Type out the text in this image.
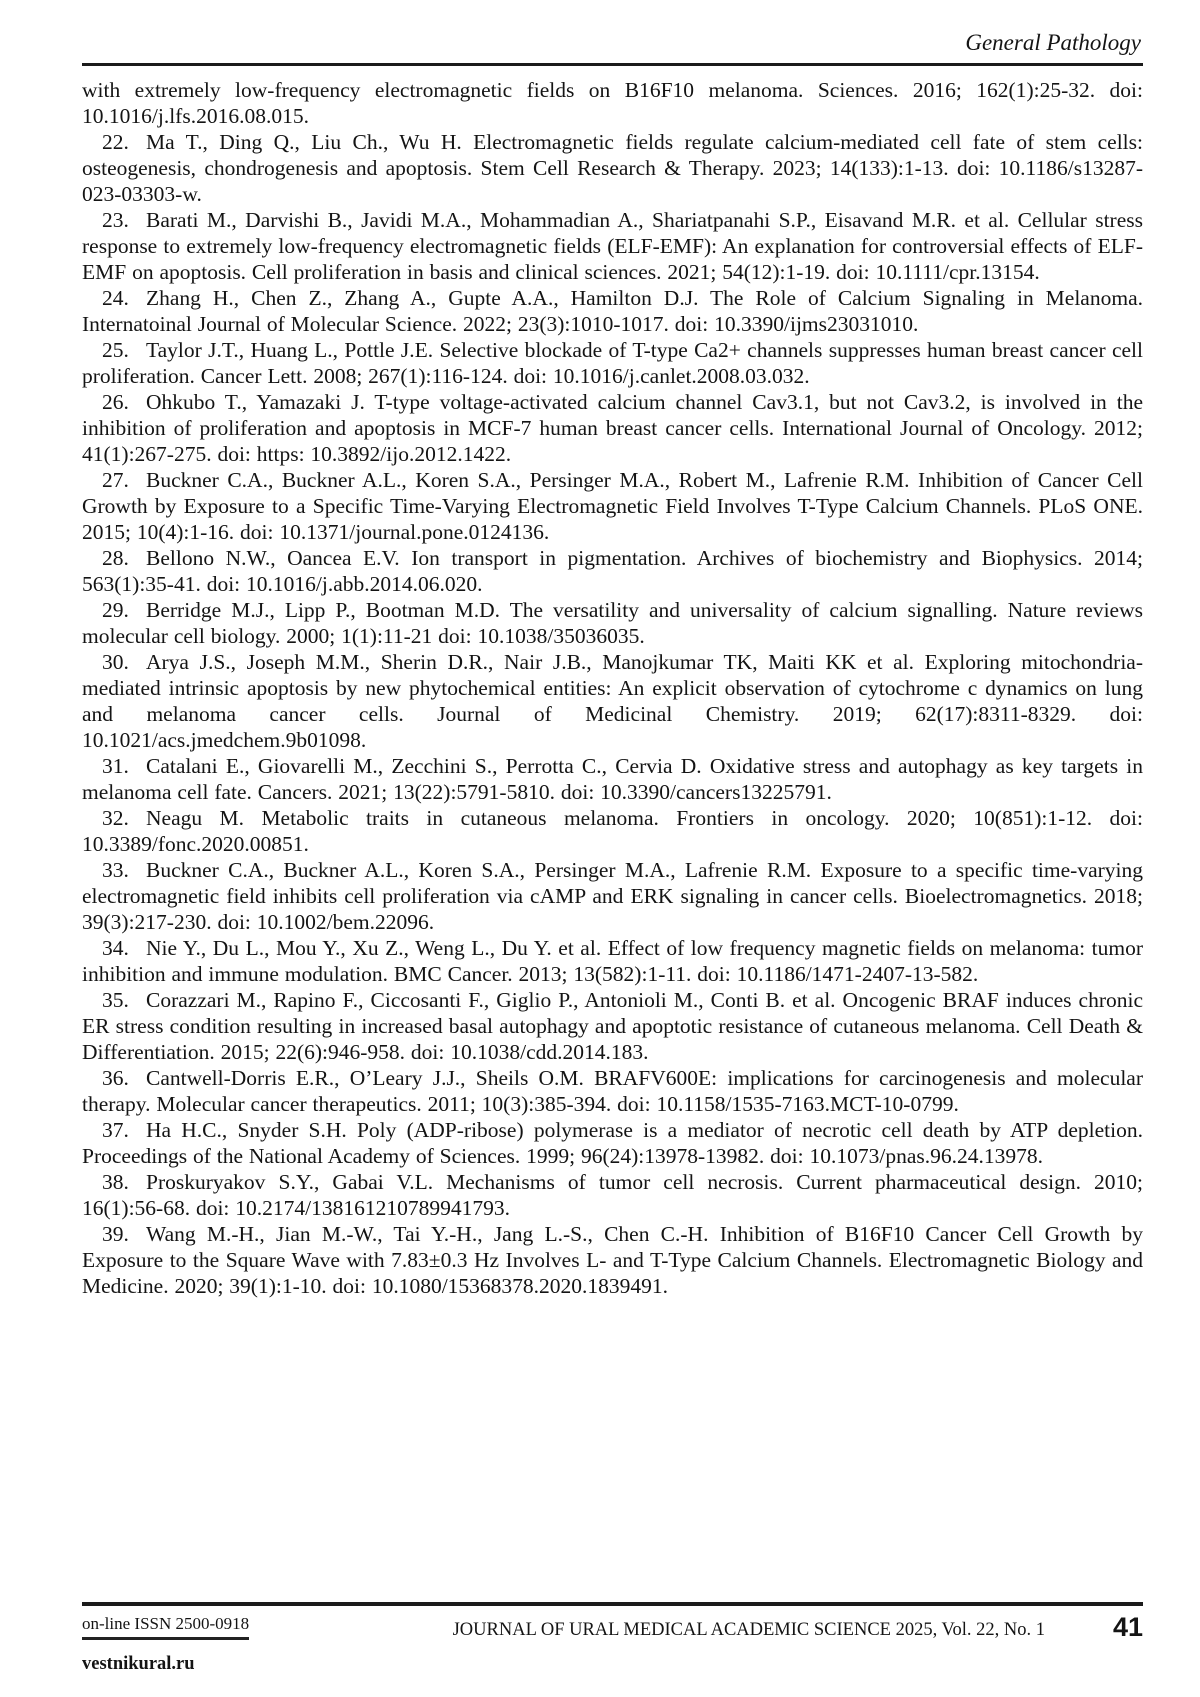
General Pathology

with extremely low-frequency electromagnetic fields on B16F10 melanoma. Sciences. 2016; 162(1):25-32. doi: 10.1016/j.lfs.2016.08.015.

22. Ma T., Ding Q., Liu Ch., Wu H. Electromagnetic fields regulate calcium-mediated cell fate of stem cells: osteogenesis, chondrogenesis and apoptosis. Stem Cell Research & Therapy. 2023; 14(133):1-13. doi: 10.1186/s13287-023-03303-w.

23. Barati M., Darvishi B., Javidi M.A., Mohammadian A., Shariatpanahi S.P., Eisavand M.R. et al. Cellular stress response to extremely low-frequency electromagnetic fields (ELF-EMF): An explanation for controversial effects of ELF-EMF on apoptosis. Cell proliferation in basis and clinical sciences. 2021; 54(12):1-19. doi: 10.1111/cpr.13154.

24. Zhang H., Chen Z., Zhang A., Gupte A.A., Hamilton D.J. The Role of Calcium Signaling in Melanoma. Internatoinal Journal of Molecular Science. 2022; 23(3):1010-1017. doi: 10.3390/ijms23031010.

25. Taylor J.T., Huang L., Pottle J.E. Selective blockade of T-type Ca2+ channels suppresses human breast cancer cell proliferation. Cancer Lett. 2008; 267(1):116-124. doi: 10.1016/j.canlet.2008.03.032.

26. Ohkubo T., Yamazaki J. T-type voltage-activated calcium channel Cav3.1, but not Cav3.2, is involved in the inhibition of proliferation and apoptosis in MCF-7 human breast cancer cells. International Journal of Oncology. 2012; 41(1):267-275. doi: https: 10.3892/ijo.2012.1422.

27. Buckner C.A., Buckner A.L., Koren S.A., Persinger M.A., Robert M., Lafrenie R.M. Inhibition of Cancer Cell Growth by Exposure to a Specific Time-Varying Electromagnetic Field Involves T-Type Calcium Channels. PLoS ONE. 2015; 10(4):1-16. doi: 10.1371/journal.pone.0124136.

28. Bellono N.W., Oancea E.V. Ion transport in pigmentation. Archives of biochemistry and Biophysics. 2014; 563(1):35-41. doi: 10.1016/j.abb.2014.06.020.

29. Berridge M.J., Lipp P., Bootman M.D. The versatility and universality of calcium signalling. Nature reviews molecular cell biology. 2000; 1(1):11-21 doi: 10.1038/35036035.

30. Arya J.S., Joseph M.M., Sherin D.R., Nair J.B., Manojkumar TK, Maiti KK et al. Exploring mitochondria-mediated intrinsic apoptosis by new phytochemical entities: An explicit observation of cytochrome c dynamics on lung and melanoma cancer cells. Journal of Medicinal Chemistry. 2019; 62(17):8311-8329. doi: 10.1021/acs.jmedchem.9b01098.

31. Catalani E., Giovarelli M., Zecchini S., Perrotta C., Cervia D. Oxidative stress and autophagy as key targets in melanoma cell fate. Cancers. 2021; 13(22):5791-5810. doi: 10.3390/cancers13225791.

32. Neagu M. Metabolic traits in cutaneous melanoma. Frontiers in oncology. 2020; 10(851):1-12. doi: 10.3389/fonc.2020.00851.

33. Buckner C.A., Buckner A.L., Koren S.A., Persinger M.A., Lafrenie R.M. Exposure to a specific time-varying electromagnetic field inhibits cell proliferation via cAMP and ERK signaling in cancer cells. Bioelectromagnetics. 2018; 39(3):217-230. doi: 10.1002/bem.22096.

34. Nie Y., Du L., Mou Y., Xu Z., Weng L., Du Y. et al. Effect of low frequency magnetic fields on melanoma: tumor inhibition and immune modulation. BMC Cancer. 2013; 13(582):1-11. doi: 10.1186/1471-2407-13-582.

35. Corazzari M., Rapino F., Ciccosanti F., Giglio P., Antonioli M., Conti B. et al. Oncogenic BRAF induces chronic ER stress condition resulting in increased basal autophagy and apoptotic resistance of cutaneous melanoma. Cell Death & Differentiation. 2015; 22(6):946-958. doi: 10.1038/cdd.2014.183.

36. Cantwell-Dorris E.R., O’Leary J.J., Sheils O.M. BRAFV600E: implications for carcinogenesis and molecular therapy. Molecular cancer therapeutics. 2011; 10(3):385-394. doi: 10.1158/1535-7163.MCT-10-0799.

37. Ha H.C., Snyder S.H. Poly (ADP-ribose) polymerase is a mediator of necrotic cell death by ATP depletion. Proceedings of the National Academy of Sciences. 1999; 96(24):13978-13982. doi: 10.1073/pnas.96.24.13978.

38. Proskuryakov S.Y., Gabai V.L. Mechanisms of tumor cell necrosis. Current pharmaceutical design. 2010; 16(1):56-68. doi: 10.2174/138161210789941793.

39. Wang M.-H., Jian M.-W., Tai Y.-H., Jang L.-S., Chen C.-H. Inhibition of B16F10 Cancer Cell Growth by Exposure to the Square Wave with 7.83±0.3 Hz Involves L- and T-Type Calcium Channels. Electromagnetic Biology and Medicine. 2020; 39(1):1-10. doi: 10.1080/15368378.2020.1839491.

on-line ISSN 2500-0918
vestnikural.ru
JOURNAL OF URAL MEDICAL ACADEMIC SCIENCE 2025, Vol. 22, No. 1	41
